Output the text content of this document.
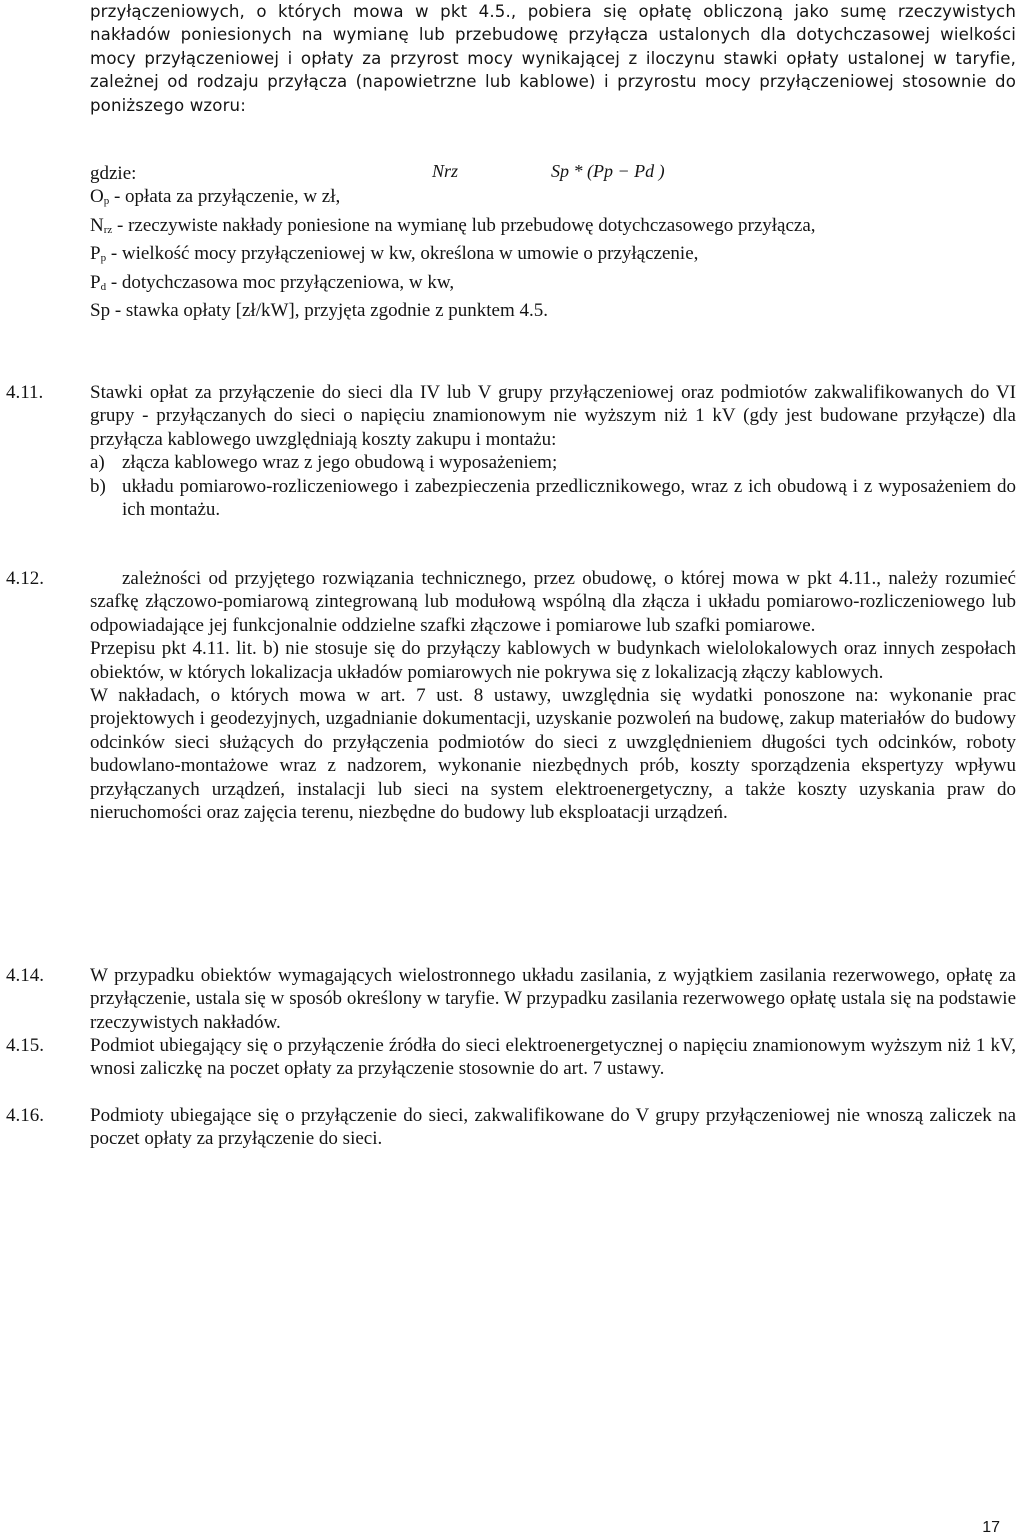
przyłączeniowych, o których mowa w pkt 4.5., pobiera się opłatę obliczoną jako sumę rzeczywistych nakładów poniesionych na wymianę lub przebudowę przyłącza ustalonych dla dotychczasowej wielkości mocy przyłączeniowej i opłaty za przyrost mocy wynikającej z iloczynu stawki opłaty ustalonej w taryfie, zależnej od rodzaju przyłącza (napowietrzne lub kablowe) i przyrostu mocy przyłączeniowej stosownie do poniższego wzoru:
Nrz	Sp * (Pp − Pd )
gdzie:
$O_p$ - opłata za przyłączenie, w zł,
$N_{rz}$ - rzeczywiste nakłady poniesione na wymianę lub przebudowę dotychczasowego przyłącza,
$P_p$ - wielkość mocy przyłączeniowej w kw, określona w umowie o przyłączenie,
$P_d$ - dotychczasowa moc przyłączeniowa, w kw,
Sp - stawka opłaty [zł/kW], przyjęta zgodnie z punktem 4.5.
4.11.	Stawki opłat za przyłączenie do sieci dla IV lub V grupy przyłączeniowej oraz podmiotów zakwalifikowanych do VI grupy - przyłączanych do sieci o napięciu znamionowym nie wyższym niż 1 kV (gdy jest budowane przyłącze) dla przyłącza kablowego uwzględniają koszty zakupu i montażu:
a) złącza kablowego wraz z jego obudową i wyposażeniem;
b) układu pomiarowo-rozliczeniowego i zabezpieczenia przedlicznikowego, wraz z ich obudową i z wyposażeniem do ich montażu.
4.12.	zależności od przyjętego rozwiązania technicznego, przez obudowę, o której mowa w pkt 4.11., należy rozumieć szafkę złączowo-pomiarową zintegrowaną lub modułową wspólną dla złącza i układu pomiarowo-rozliczeniowego lub odpowiadające jej funkcjonalnie oddzielne szafki złączowe i pomiarowe lub szafki pomiarowe.
Przepisu pkt 4.11. lit. b) nie stosuje się do przyłączy kablowych w budynkach wielolokalowych oraz innych zespołach obiektów, w których lokalizacja układów pomiarowych nie pokrywa się z lokalizacją złączy kablowych.
W nakładach, o których mowa w art. 7 ust. 8 ustawy, uwzględnia się wydatki ponoszone na: wykonanie prac projektowych i geodezyjnych, uzgadnianie dokumentacji, uzyskanie pozwoleń na budowę, zakup materiałów do budowy odcinków sieci służących do przyłączenia podmiotów do sieci z uwzględnieniem długości tych odcinków, roboty budowlano-montażowe wraz z nadzorem, wykonanie niezbędnych prób, koszty sporządzenia ekspertyzy wpływu przyłączanych urządzeń, instalacji lub sieci na system elektroenergetyczny, a także koszty uzyskania praw do nieruchomości oraz zajęcia terenu, niezbędne do budowy lub eksploatacji urządzeń.
4.14.	W przypadku obiektów wymagających wielostronnego układu zasilania, z wyjątkiem zasilania rezerwowego, opłatę za przyłączenie, ustala się w sposób określony w taryfie. W przypadku zasilania rezerwowego opłatę ustala się na podstawie rzeczywistych nakładów.
4.15.	Podmiot ubiegający się o przyłączenie źródła do sieci elektroenergetycznej o napięciu znamionowym wyższym niż 1 kV, wnosi zaliczkę na poczet opłaty za przyłączenie stosownie do art. 7 ustawy.
4.16.	Podmioty ubiegające się o przyłączenie do sieci, zakwalifikowane do V grupy przyłączeniowej nie wnoszą zaliczek na poczet opłaty za przyłączenie do sieci.
17
